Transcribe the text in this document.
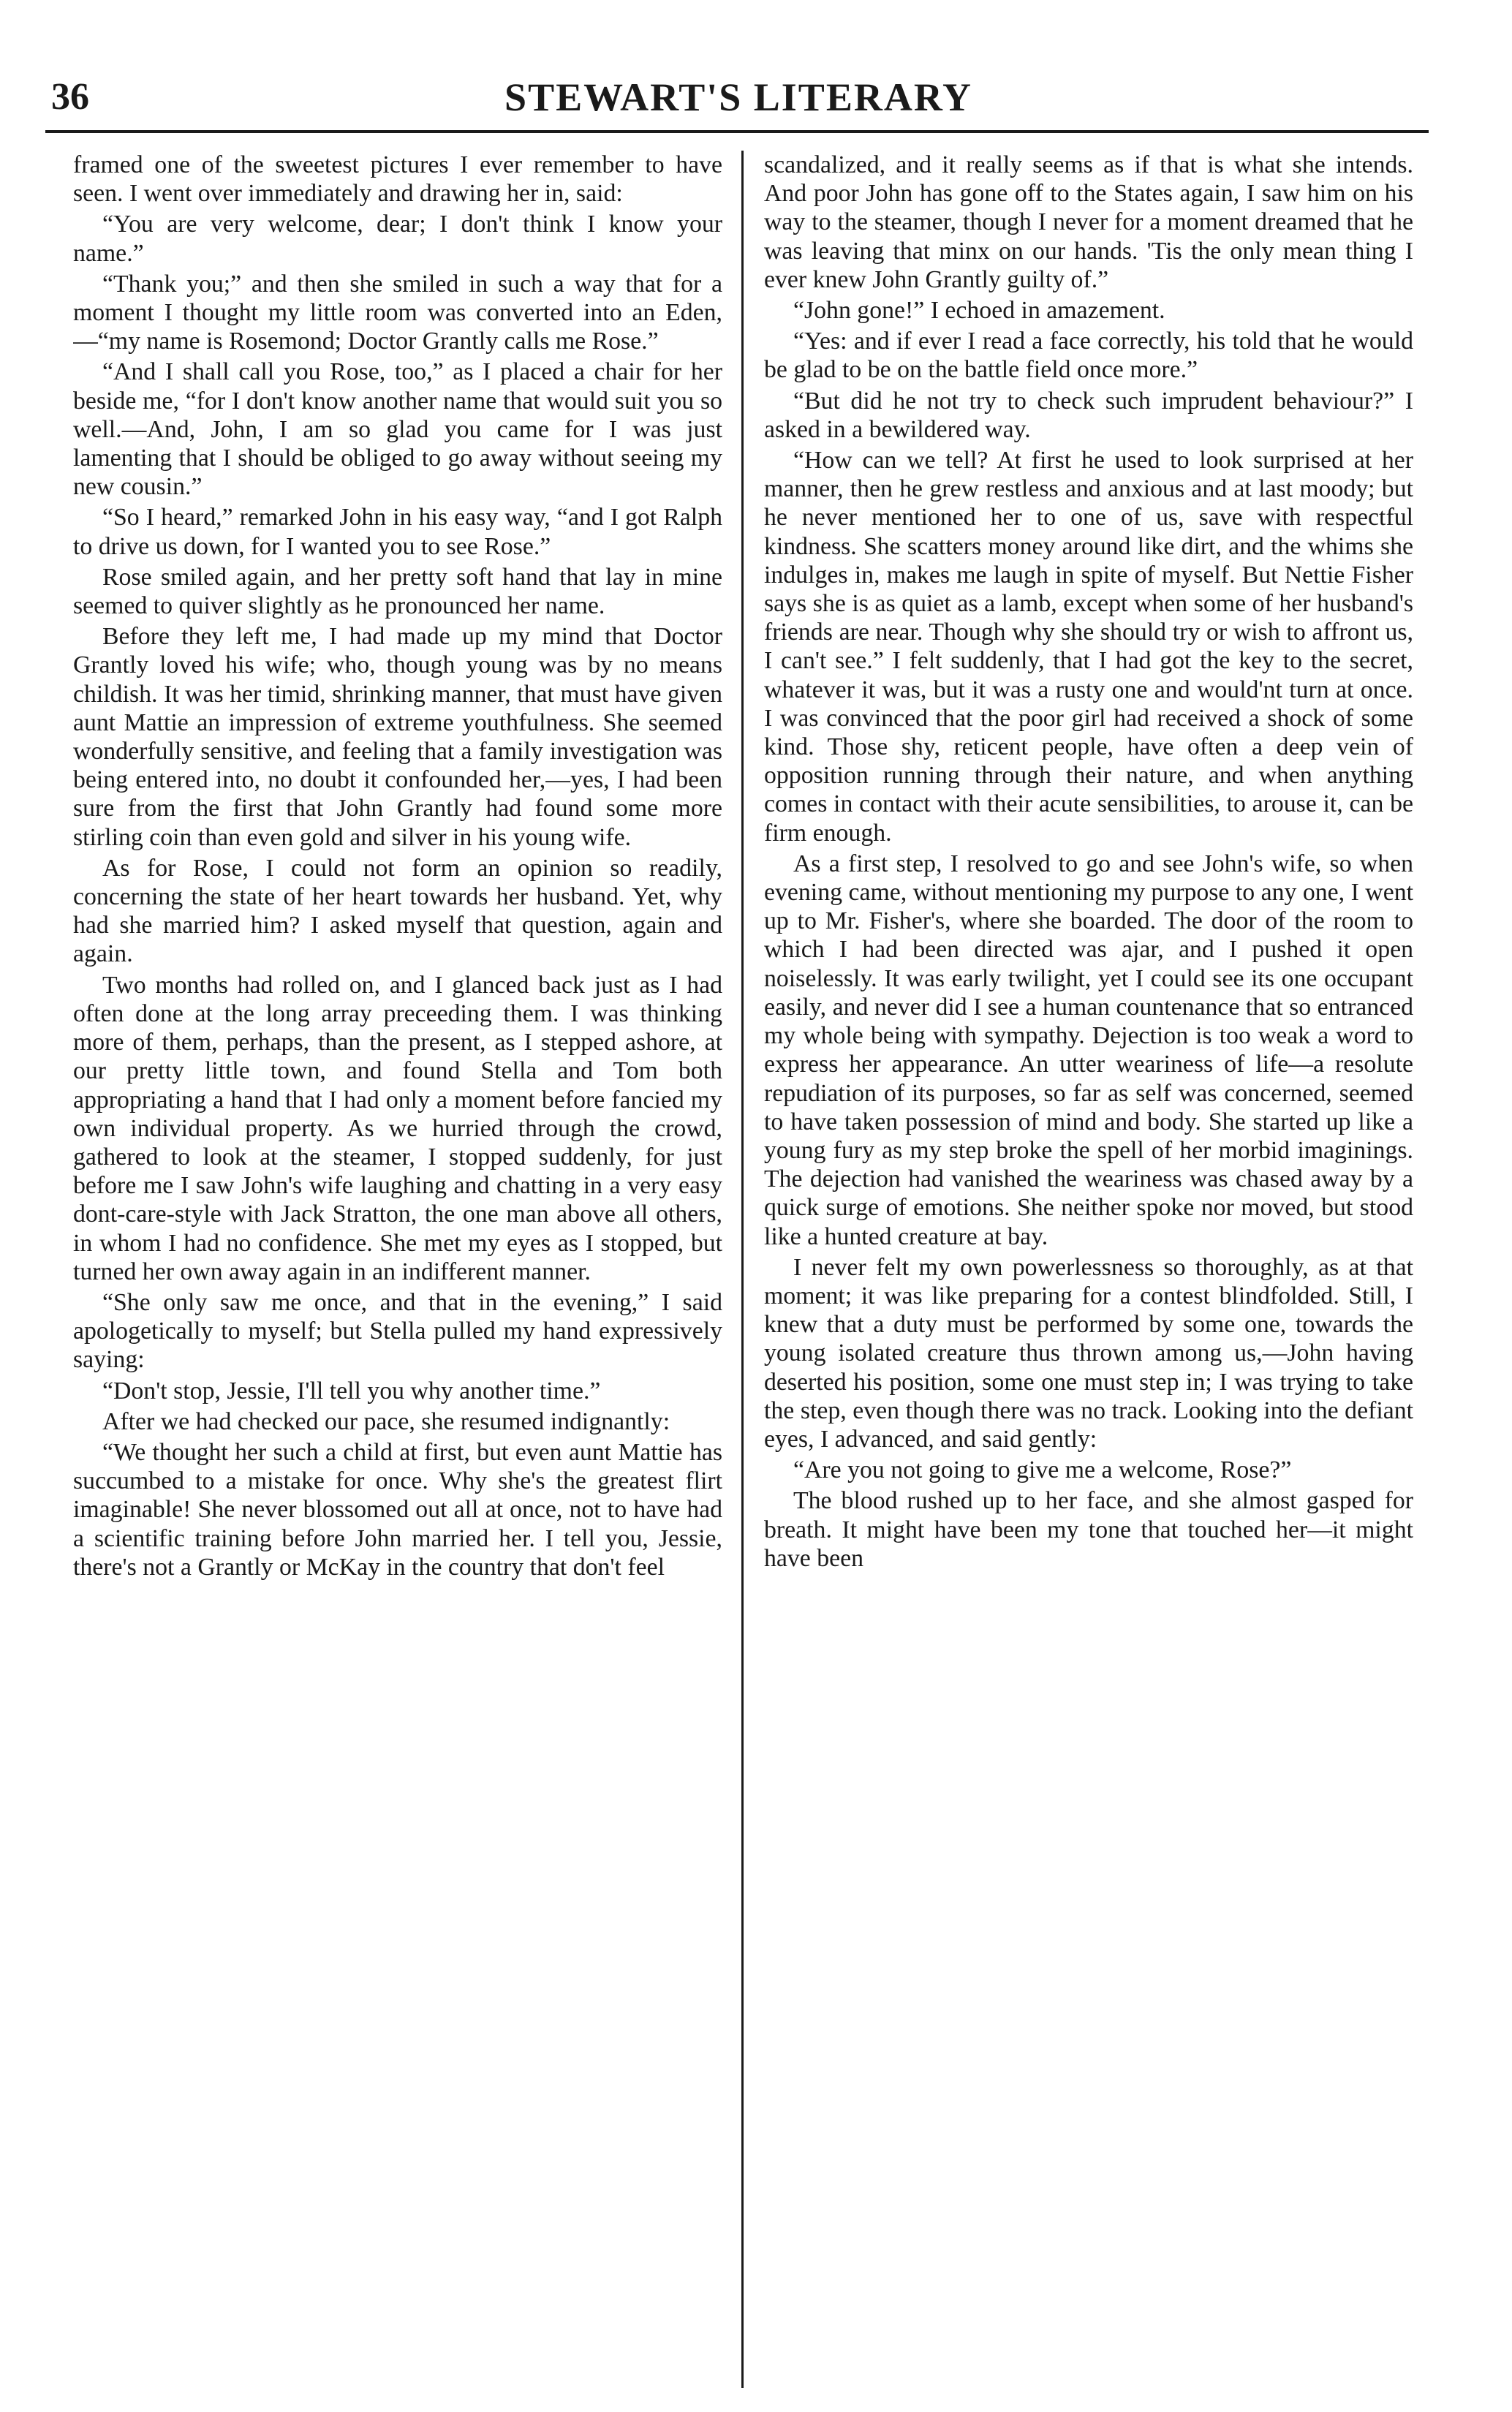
36	STEWART'S LITERARY

framed one of the sweetest pictures I ever remember to have seen. I went over immediately and drawing her in, said:

“You are very welcome, dear; I don't think I know your name.”

“Thank you;” and then she smiled in such a way that for a moment I thought my little room was converted into an Eden,—“my name is Rosemond; Doctor Grantly calls me Rose.”

“And I shall call you Rose, too,” as I placed a chair for her beside me, “for I don't know another name that would suit you so well.—And, John, I am so glad you came for I was just lamenting that I should be obliged to go away without seeing my new cousin.”

“So I heard,” remarked John in his easy way, “and I got Ralph to drive us down, for I wanted you to see Rose.”

Rose smiled again, and her pretty soft hand that lay in mine seemed to quiver slightly as he pronounced her name.

Before they left me, I had made up my mind that Doctor Grantly loved his wife; who, though young was by no means childish. It was her timid, shrinking manner, that must have given aunt Mattie an impression of extreme youthfulness. She seemed wonderfully sensitive, and feeling that a family investigation was being entered into, no doubt it confounded her,—yes, I had been sure from the first that John Grantly had found some more stirling coin than even gold and silver in his young wife.

As for Rose, I could not form an opinion so readily, concerning the state of her heart towards her husband. Yet, why had she married him? I asked myself that question, again and again.

Two months had rolled on, and I glanced back just as I had often done at the long array preceeding them. I was thinking more of them, perhaps, than the present, as I stepped ashore, at our pretty little town, and found Stella and Tom both appropriating a hand that I had only a moment before fancied my own individual property. As we hurried through the crowd, gathered to look at the steamer, I stopped suddenly, for just before me I saw John's wife laughing and chatting in a very easy dont-care-style with Jack Stratton, the one man above all others, in whom I had no confidence. She met my eyes as I stopped, but turned her own away again in an indifferent manner.

“She only saw me once, and that in the evening,” I said apologetically to myself; but Stella pulled my hand expressively saying:

“Don't stop, Jessie, I'll tell you why another time.”

After we had checked our pace, she resumed indignantly:

“We thought her such a child at first, but even aunt Mattie has succumbed to a mistake for once. Why she's the greatest flirt imaginable! She never blossomed out all at once, not to have had a scientific training before John married her. I tell you, Jessie, there's not a Grantly or McKay in the country that don't feel

scandalized, and it really seems as if that is what she intends. And poor John has gone off to the States again, I saw him on his way to the steamer, though I never for a moment dreamed that he was leaving that minx on our hands. 'Tis the only mean thing I ever knew John Grantly guilty of.”

“John gone!” I echoed in amazement.

“Yes: and if ever I read a face correctly, his told that he would be glad to be on the battle field once more.”

“But did he not try to check such imprudent behaviour?” I asked in a bewildered way.

“How can we tell? At first he used to look surprised at her manner, then he grew restless and anxious and at last moody; but he never mentioned her to one of us, save with respectful kindness. She scatters money around like dirt, and the whims she indulges in, makes me laugh in spite of myself. But Nettie Fisher says she is as quiet as a lamb, except when some of her husband's friends are near. Though why she should try or wish to affront us, I can't see.” I felt suddenly, that I had got the key to the secret, whatever it was, but it was a rusty one and would'nt turn at once. I was convinced that the poor girl had received a shock of some kind. Those shy, reticent people, have often a deep vein of opposition running through their nature, and when anything comes in contact with their acute sensibilities, to arouse it, can be firm enough.

As a first step, I resolved to go and see John's wife, so when evening came, without mentioning my purpose to any one, I went up to Mr. Fisher's, where she boarded. The door of the room to which I had been directed was ajar, and I pushed it open noiselessly. It was early twilight, yet I could see its one occupant easily, and never did I see a human countenance that so entranced my whole being with sympathy. Dejection is too weak a word to express her appearance. An utter weariness of life—a resolute repudiation of its purposes, so far as self was concerned, seemed to have taken possession of mind and body. She started up like a young fury as my step broke the spell of her morbid imaginings. The dejection had vanished the weariness was chased away by a quick surge of emotions. She neither spoke nor moved, but stood like a hunted creature at bay.

I never felt my own powerlessness so thoroughly, as at that moment; it was like preparing for a contest blindfolded. Still, I knew that a duty must be performed by some one, towards the young isolated creature thus thrown among us,—John having deserted his position, some one must step in; I was trying to take the step, even though there was no track. Looking into the defiant eyes, I advanced, and said gently:

“Are you not going to give me a welcome, Rose?”

The blood rushed up to her face, and she almost gasped for breath. It might have been my tone that touched her—it might have been
